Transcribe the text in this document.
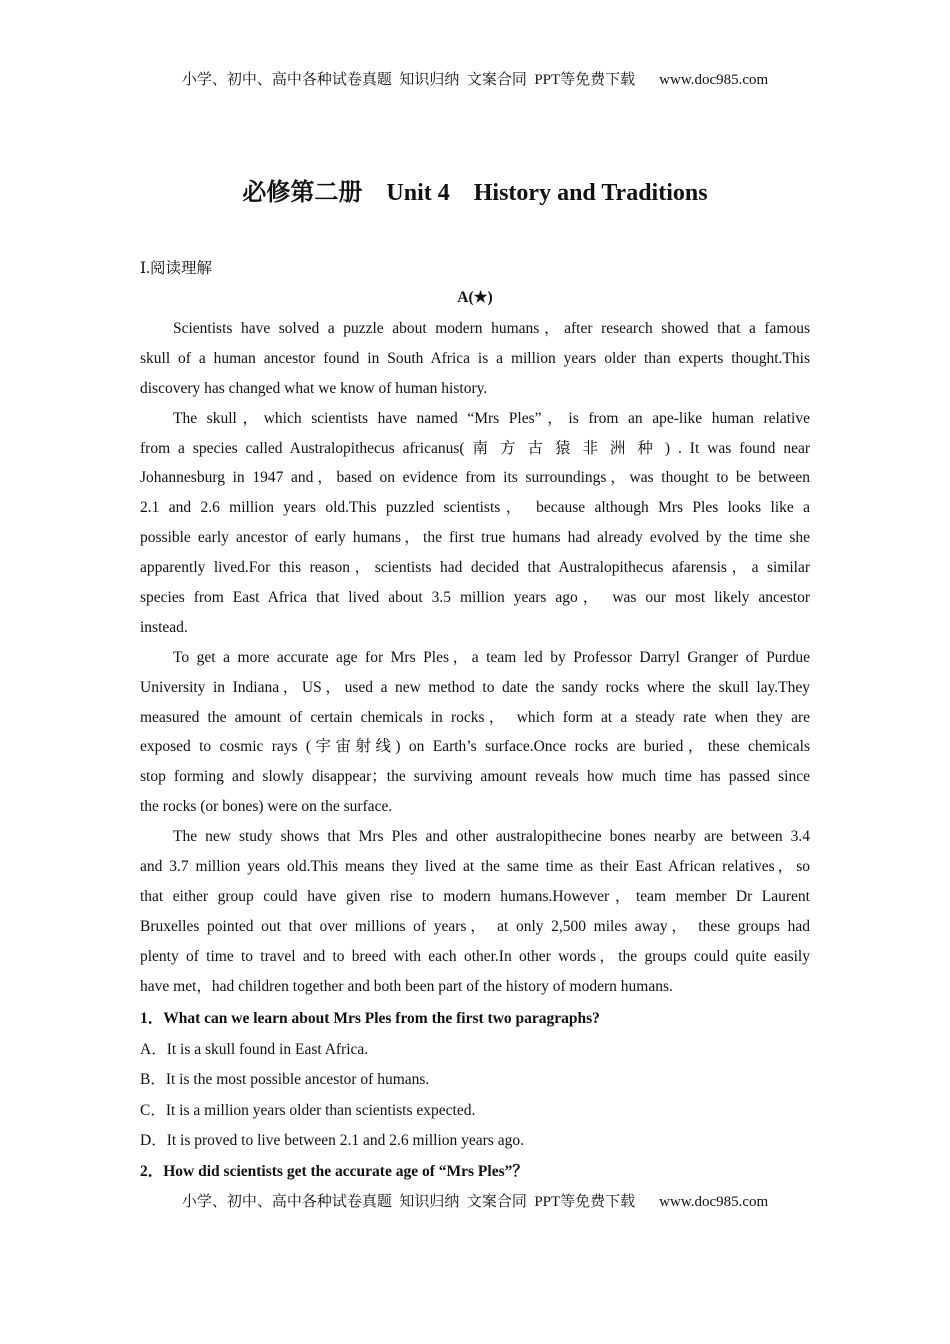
小学、初中、高中各种试卷真题  知识归纳  文案合同  PPT等免费下载 www.doc985.com
必修第二册    Unit 4    History and Traditions
Ⅰ.阅读理解
A(★)
Scientists have solved a puzzle about modern humans，after research showed that a famous
skull of a human ancestor found in South Africa is a million years older than experts thought.This
discovery has changed what we know of human history.
The skull，which scientists have named “Mrs Ples”，is from an ape-like human relative
from a species called Australopithecus africanus( 南 方 古 猿 非 洲 种 ) . It was found near
Johannesburg in 1947 and，based on evidence from its surroundings，was thought to be between
2.1 and 2.6 million years old.This puzzled scientists， because although Mrs Ples looks like a
possible early ancestor of early humans，the first true humans had already evolved by the time she
apparently lived.For this reason，scientists had decided that Australopithecus afarensis，a similar
species from East Africa that lived about 3.5 million years ago， was our most likely ancestor
instead.
To get a more accurate age for Mrs Ples，a team led by Professor Darryl Granger of Purdue
University in Indiana，US，used a new method to date the sandy rocks where the skull lay.They
measured the amount of certain chemicals in rocks， which form at a steady rate when they are
exposed to cosmic rays (宇宙射线) on Earth’s surface.Once rocks are buried，these chemicals
stop forming and slowly disappear；the surviving amount reveals how much time has passed since
the rocks (or bones) were on the surface.
The new study shows that Mrs Ples and other australopithecine bones nearby are between 3.4
and 3.7 million years old.This means they lived at the same time as their East African relatives，so
that either group could have given rise to modern humans.However，team member Dr Laurent
Bruxelles pointed out that over millions of years， at only 2,500 miles away， these groups had
plenty of time to travel and to breed with each other.In other words，the groups could quite easily
have met，had children together and both been part of the history of modern humans.
1．What can we learn about Mrs Ples from the first two paragraphs?
A．It is a skull found in East Africa.
B．It is the most possible ancestor of humans.
C．It is a million years older than scientists expected.
D．It is proved to live between 2.1 and 2.6 million years ago.
2．How did scientists get the accurate age of “Mrs Ples”？
小学、初中、高中各种试卷真题  知识归纳  文案合同  PPT等免费下载 www.doc985.com
